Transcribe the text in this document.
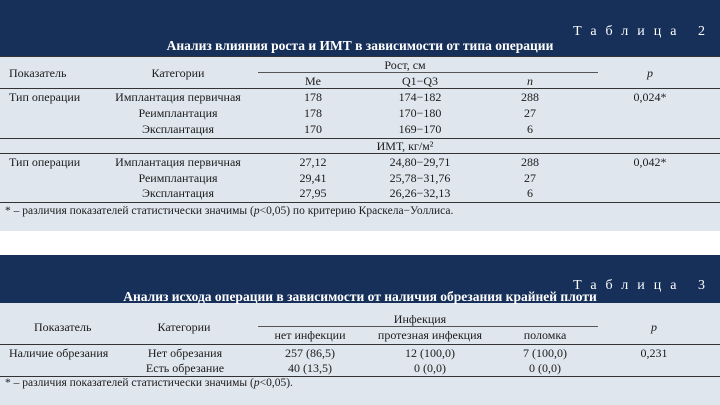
Таблица 2
Анализ влияния роста и ИМТ в зависимости от типа операции
Показатель	Категории
Рост, см
Me	Q1−Q3	n
p
Тип операции	Имплантация первичная	178	174−182	288	0,024*
Реимплантация	178	170−180	27
Эксплантация	170	169−170	6
ИМТ, кг/м²
Тип операции	Имплантация первичная	27,12	24,80−29,71	288	0,042*
Реимплантация	29,41	25,78−31,76	27
Эксплантация	27,95	26,26−32,13	6
* – различия показателей статистически значимы (p<0,05) по критерию Краскела−Уоллиса.
Таблица 3
Анализ исхода операции в зависимости от наличия обрезания крайней плоти
Показатель	Категории
Инфекция
нет инфекции	протезная инфекция	поломка
p
Наличие обрезания	Нет обрезания	257 (86,5)	12 (100,0)	7 (100,0)	0,231
Есть обрезание	40 (13,5)	0 (0,0)	0 (0,0)
* – различия показателей статистически значимы (p<0,05).
